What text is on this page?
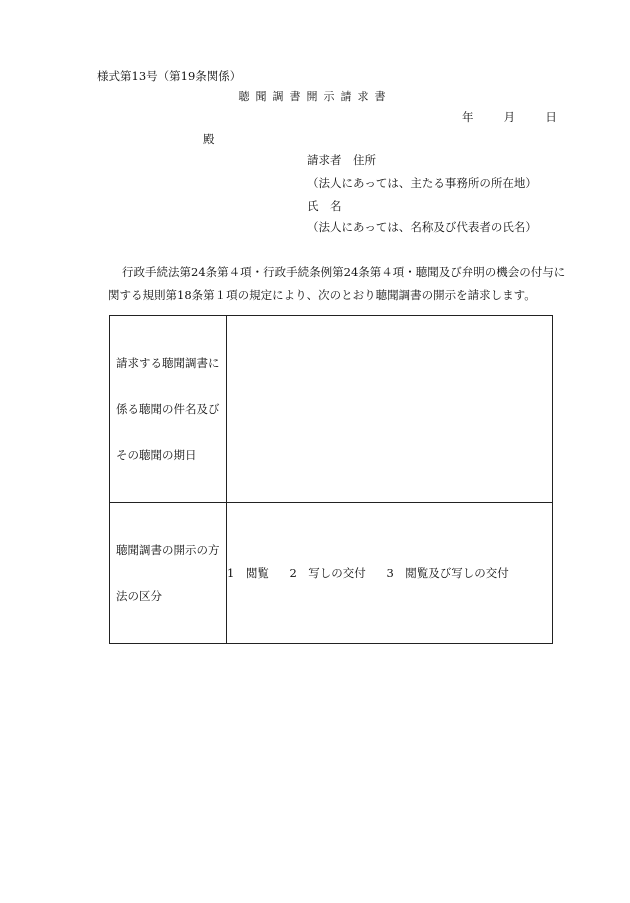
様式第13号（第19条関係）
聴聞調書開示請求書
年	月	日
殿
請求者　住所
（法人にあっては、主たる事務所の所在地）
氏　名
（法人にあっては、名称及び代表者の氏名）
行政手続法第24条第４項・行政手続条例第24条第４項・聴聞及び弁明の機会の付与に
関する規則第18条第１項の規定により、次のとおり聴聞調書の開示を請求します。
請求する聴聞調書に
係る聴聞の件名及び
その聴聞の期日	

聴聞調書の開示の方
法の区分	1　閲覧 2　写しの交付 3　閲覧及び写しの交付
